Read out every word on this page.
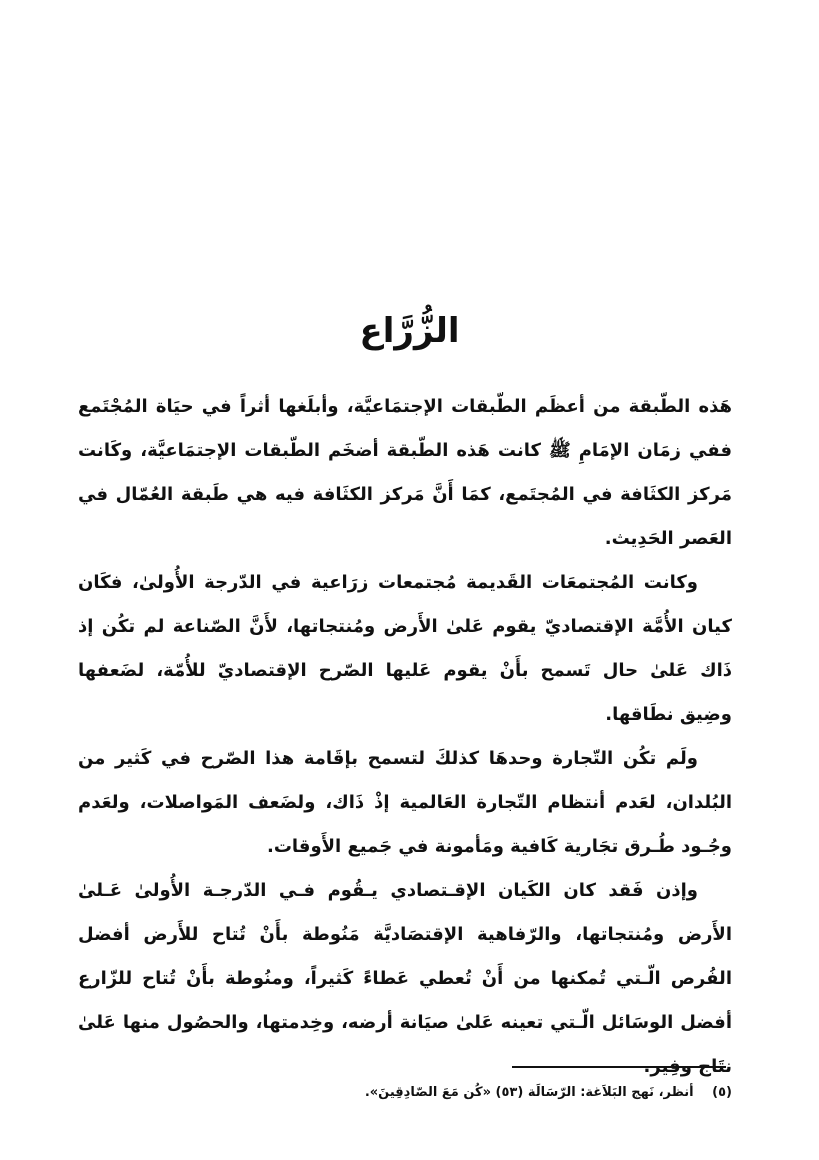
الزُّرَّاع

هَذه الطّبقة من أعظَم الطّبقات الإجتمَاعيَّة، وأبلَغها أثراً في حيَاة المُجْتَمع ففي زمَان الإمَامِ ﷺ كانت هَذه الطّبقة أضخَم الطّبقات الإجتمَاعيَّة، وكَانت مَركز الكثَافة في المُجتَمع، كمَا أَنَّ مَركز الكثَافة فيه هي طَبقة العُمّال في العَصر الحَدِيث.

وكانت المُجتمعَات القَديمة مُجتمعات زرَاعية في الدّرجة الأُولىٰ، فكَان كيان الأُمَّة الإقتصاديّ يقوم عَلىٰ الأَرض ومُنتجاتها، لأَنَّ الصّناعة لم تكُن إذ ذَاك عَلىٰ حال تَسمح بأَنْ يقوم عَليها الصّرح الإقتصاديّ للأُمّة، لضَعفها وضِيق نطَاقها.

ولَم تكُن التّجارة وحدهَا كذلكَ لتسمح بإقَامة هذا الصّرح في كَثير من البُلدان، لعَدم أنتظام التّجارة العَالمية إذْ ذَاك، ولضَعف المَواصلات، ولعَدم وجُـود طُـرق تجَارية كَافية ومَأمونة في جَميع الأَوقات.

وإذن فَقد كان الكَيان الإقـتصادي يـقُوم فـي الدّرجـة الأُولىٰ عَـلىٰ الأَرض ومُنتجاتها، والرّفاهية الإقتصَاديَّة مَنُوطة بأَنْ تُتاح للأَرض أفضل الفُرص الّـتي تُمكنها من أَنْ تُعطي عَطاءً كَثيراً، ومنُوطة بأَنْ تُتاح للزّارع أفضل الوسَائل الّـتي تعينه عَلىٰ صيَانة أرضه، وخِدمتها، والحصُول منها عَلىٰ نتَاج وفِير.

(٥) أنظر، نَهج البَلاَغة: الرّسَالَة (٥٣) «كُن مَعَ الصّادِقِينَ».
